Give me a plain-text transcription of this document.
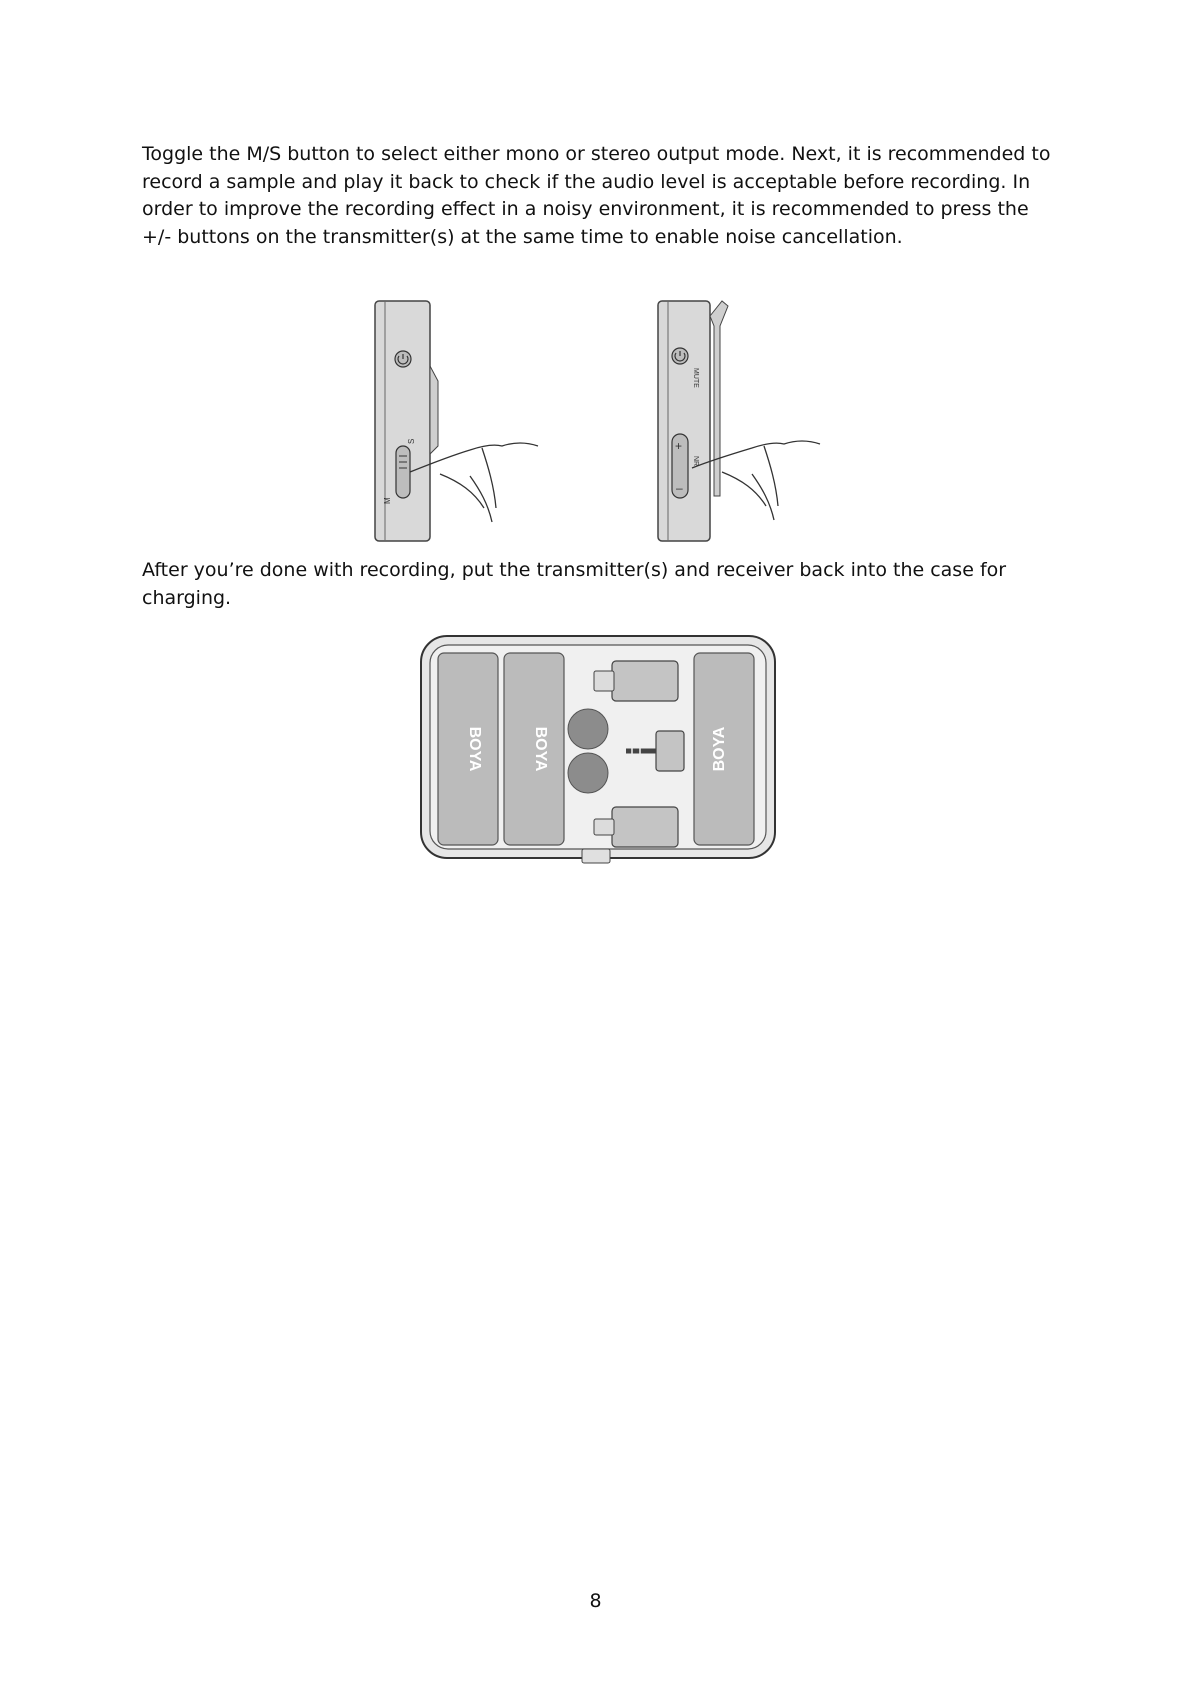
Toggle the M/S button to select either mono or stereo output mode. Next, it is recommended to record a sample and play it back to check if the audio level is acceptable before recording. In order to improve the recording effect in a noisy environment, it is recommended to press the +/- buttons on the transmitter(s) at the same time to enable noise cancellation.

M
S
MUTE
+
–
NR

After you’re done with recording, put the transmitter(s) and receiver back into the case for charging.

BOYA	BOYA	BOYA
8
